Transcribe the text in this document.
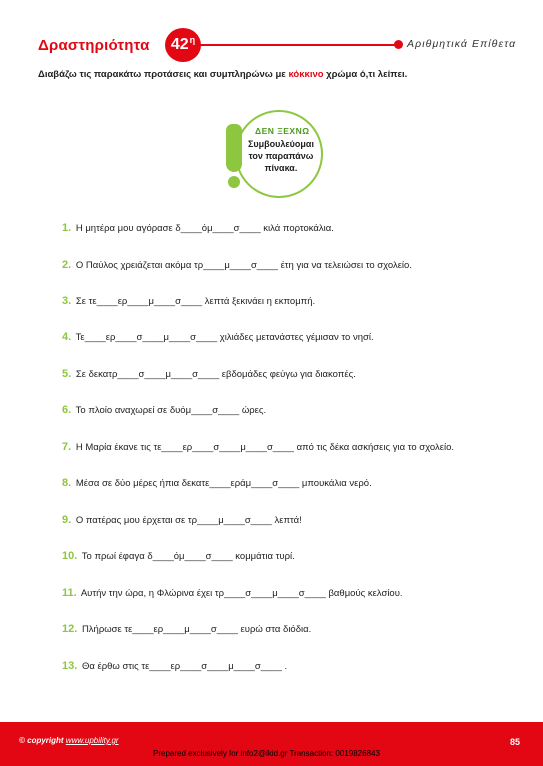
Δραστηριότητα $42^\eta$	Αριθμητικά Επίθετα
Διαβάζω τις παρακάτω προτάσεις και συμπληρώνω με κόκκινο χρώμα ό,τι λείπει.
ΔΕΝ ΞΕΧΝΩ
Συμβουλεύομαι τον παραπάνω πίνακα.
1. Η μητέρα μου αγόρασε δ____όμ____σ____ κιλά πορτοκάλια.
2. Ο Παύλος χρειάζεται ακόμα τρ____μ____σ____ έτη για να τελειώσει το σχολείο.
3. Σε τε____ερ____μ____σ____ λεπτά ξεκινάει η εκπομπή.
4. Τε____ερ____σ____μ____σ____ χιλιάδες μετανάστες γέμισαν το νησί.
5. Σε δεκατρ____σ____μ____σ____ εβδομάδες φεύγω για διακοπές.
6. Το πλοίο αναχωρεί σε δυόμ____σ____ ώρες.
7. Η Μαρία έκανε τις τε____ερ____σ____μ____σ____ από τις δέκα ασκήσεις για το σχολείο.
8. Μέσα σε δύο μέρες ήπια δεκατε____εράμ____σ____ μπουκάλια νερό.
9. Ο πατέρας μου έρχεται σε τρ____μ____σ____ λεπτά!
10. Το πρωί έφαγα δ____όμ____σ____ κομμάτια τυρί.
11. Αυτήν την ώρα, η Φλώρινα έχει τρ____σ____μ____σ____ βαθμούς κελσίου.
12. Πλήρωσε τε____ερ____μ____σ____ ευρώ στα διόδια.
13. Θα έρθω στις τε____ερ____σ____μ____σ____ .
© copyright www.upbility.gr	85
Prepared exclusively for info2@ikid.gr Transaction: 0019826843
